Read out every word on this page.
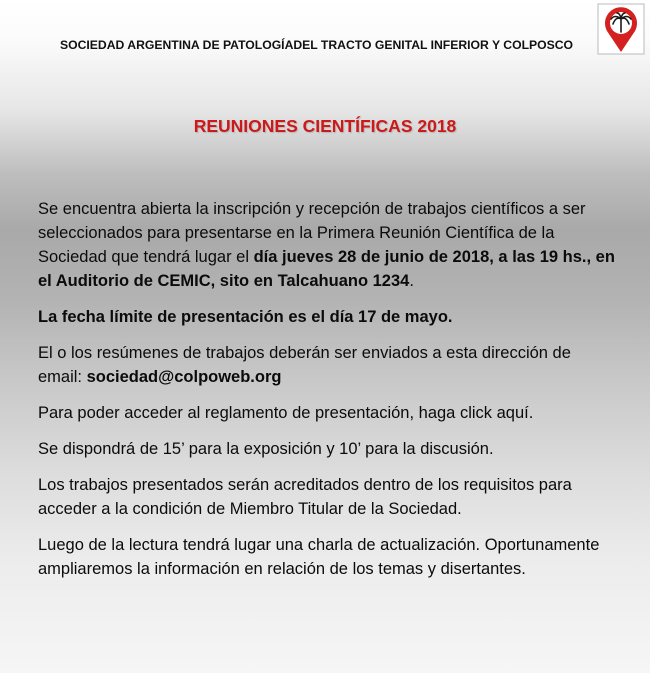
SOCIEDAD ARGENTINA DE PATOLOGÍADEL TRACTO GENITAL INFERIOR Y COLPOSCO
REUNIONES CIENTÍFICAS 2018

Se encuentra abierta la inscripción y recepción de trabajos científicos a ser seleccionados para presentarse en la Primera Reunión Científica de la Sociedad que tendrá lugar el día jueves 28 de junio de 2018, a las 19 hs., en el Auditorio de CEMIC, sito en Talcahuano 1234.

La fecha límite de presentación es el día 17 de mayo.

El o los resúmenes de trabajos deberán ser enviados a esta dirección de email: sociedad@colpoweb.org

Para poder acceder al reglamento de presentación, haga click aquí.

Se dispondrá de 15’ para la exposición y 10’ para la discusión.

Los trabajos presentados serán acreditados dentro de los requisitos para acceder a la condición de Miembro Titular de la Sociedad.

Luego de la lectura tendrá lugar una charla de actualización. Oportunamente ampliaremos la información en relación de los temas y disertantes.
